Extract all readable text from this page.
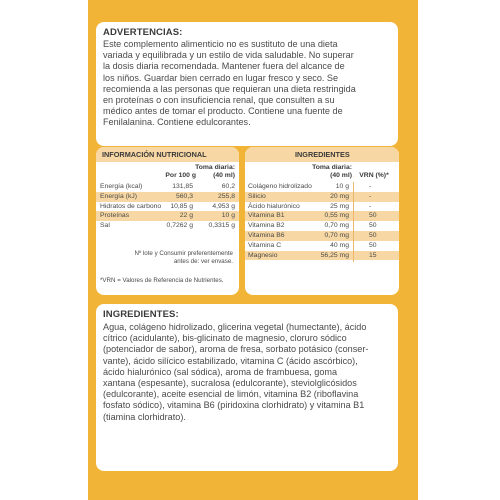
ADVERTENCIAS:
Este complemento alimenticio no es sustituto de una dieta
variada y equilibrada y un estilo de vida saludable. No superar
la dosis diaria recomendada. Mantener fuera del alcance de
los niños. Guardar bien cerrado en lugar fresco y seco. Se
recomienda a las personas que requieran una dieta restringida
en proteínas o con insuficiencia renal, que consulten a su
médico antes de tomar el producto. Contiene una fuente de
Fenilalanina. Contiene edulcorantes.
INFORMACIÓN NUTRICIONAL
Por 100 g
Toma diaria:
(40 ml)
Energía (kcal)	131,85	60,2
Energía (kJ)	560,3	255,8
Hidratos de carbono 10,85 g	4,953 g
Proteínas	22 g	10 g
Sal	0,7262 g 0,3315 g
Nº lote y Consumir preferentemente
antes de: ver envase.
*VRN = Valores de Referencia de Nutrientes.
INGREDIENTES
Toma diaria:
(40 ml)	VRN (%)*
Colágeno hidrolizado	10 g	-
Silicio	20 mg	-
Ácido hialurónico	25 mg	-
Vitamina B1	0,55 mg	50
Vitamina B2	0,70 mg	50
Vitamina B6	0,70 mg	50
Vitamina C	40 mg	50
Magnesio	56,25 mg	15
INGREDIENTES:
Agua, colágeno hidrolizado, glicerina vegetal (humectante), ácido
cítrico (acidulante), bis-glicinato de magnesio, cloruro sódico
(potenciador de sabor), aroma de fresa, sorbato potásico (conser-
vante), ácido silícico estabilizado, vitamina C (ácido ascórbico),
ácido hialurónico (sal sódica), aroma de frambuesa, goma
xantana (espesante), sucralosa (edulcorante), steviolglicósidos
(edulcorante), aceite esencial de limón, vitamina B2 (riboflavina
fosfato sódico), vitamina B6 (piridoxina clorhidrato) y vitamina B1
(tiamina clorhidrato).
